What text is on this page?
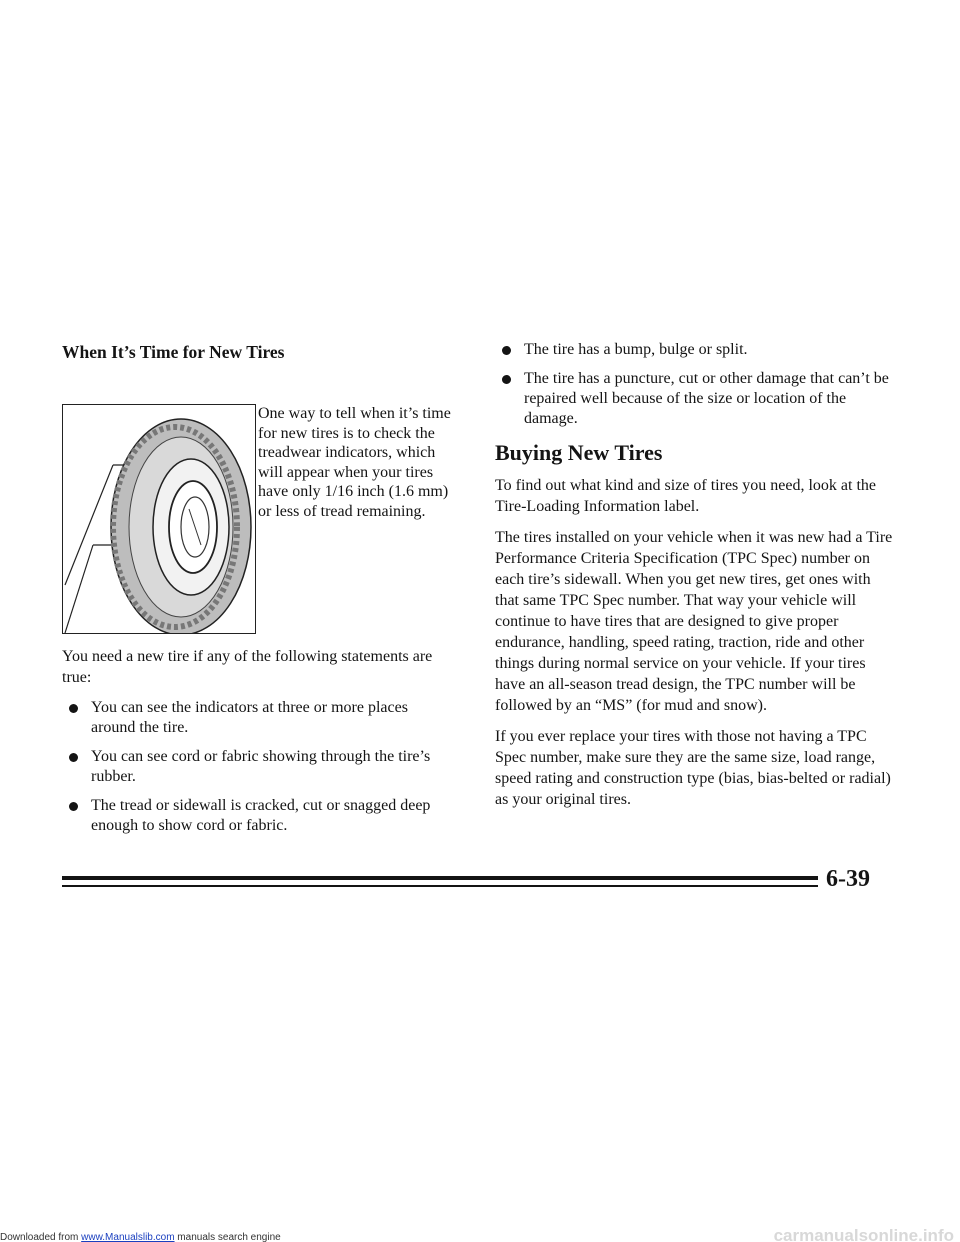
When It’s Time for New Tires
One way to tell when it’s time for new tires is to check the treadwear indicators, which will appear when your tires have only 1/16 inch (1.6 mm) or less of tread remaining.

You need a new tire if any of the following statements are true:

You can see the indicators at three or more places around the tire.
You can see cord or fabric showing through the tire’s rubber.
The tread or sidewall is cracked, cut or snagged deep enough to show cord or fabric.
The tire has a bump, bulge or split.
The tire has a puncture, cut or other damage that can’t be repaired well because of the size or location of the damage.
Buying New Tires

To find out what kind and size of tires you need, look at the Tire-Loading Information label.

The tires installed on your vehicle when it was new had a Tire Performance Criteria Specification (TPC Spec) number on each tire’s sidewall. When you get new tires, get ones with that same TPC Spec number. That way your vehicle will continue to have tires that are designed to give proper endurance, handling, speed rating, traction, ride and other things during normal service on your vehicle. If your tires have an all-season tread design, the TPC number will be followed by an “MS” (for mud and snow).

If you ever replace your tires with those not having a TPC Spec number, make sure they are the same size, load range, speed rating and construction type (bias, bias-belted or radial) as your original tires.

6-39
Downloaded from www.Manualslib.com manuals search engine	carmanualsonline.info
